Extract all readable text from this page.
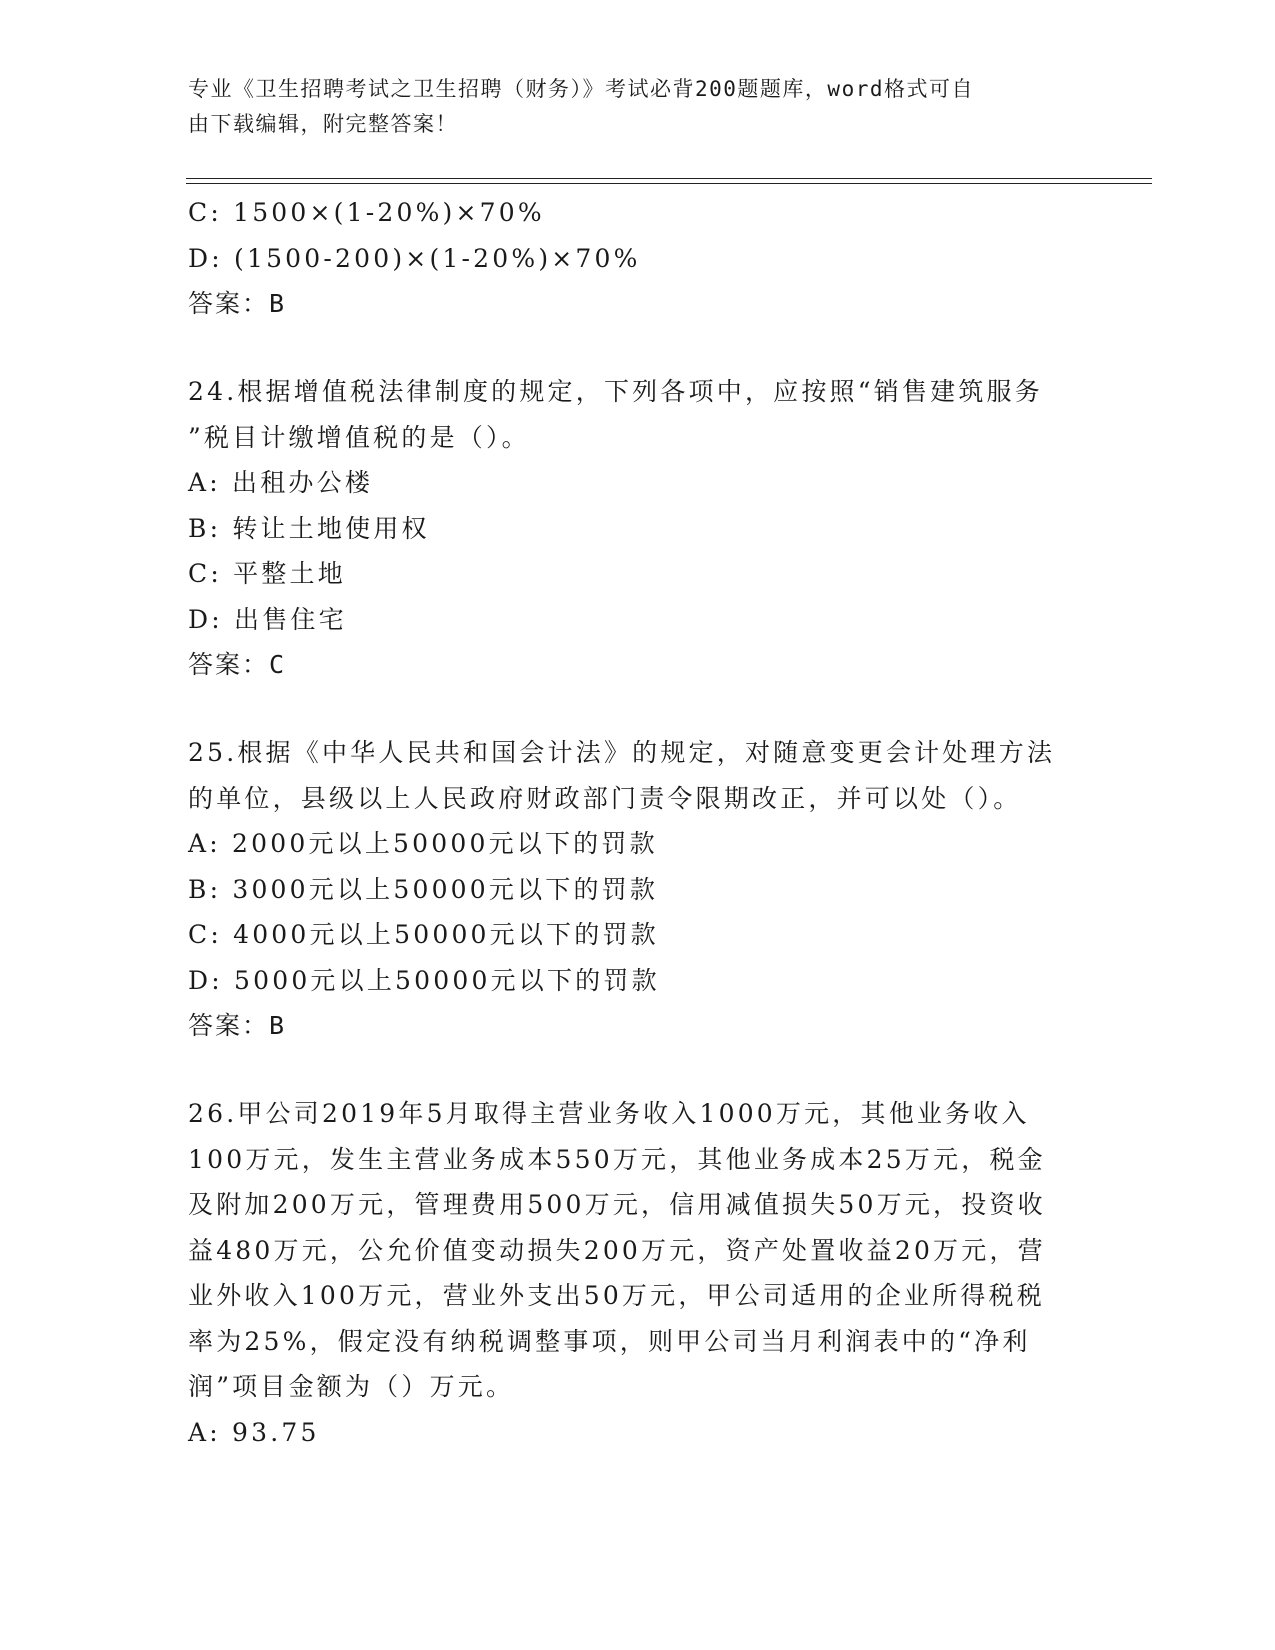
专业《卫生招聘考试之卫生招聘（财务）》考试必背200题题库，word格式可自
由下载编辑，附完整答案！
C: 1500×(1-20%)×70%
D: (1500-200)×(1-20%)×70%
答案：B
24.根据增值税法律制度的规定，下列各项中，应按照“销售建筑服务
”税目计缴增值税的是（）。
A: 出租办公楼
B: 转让土地使用权
C: 平整土地
D: 出售住宅
答案：C
25.根据《中华人民共和国会计法》的规定，对随意变更会计处理方法
的单位，县级以上人民政府财政部门责令限期改正，并可以处（）。
A: 2000元以上50000元以下的罚款
B: 3000元以上50000元以下的罚款
C: 4000元以上50000元以下的罚款
D: 5000元以上50000元以下的罚款
答案：B
26.甲公司2019年5月取得主营业务收入1000万元，其他业务收入
100万元，发生主营业务成本550万元，其他业务成本25万元，税金
及附加200万元，管理费用500万元，信用减值损失50万元，投资收
益480万元，公允价值变动损失200万元，资产处置收益20万元，营
业外收入100万元，营业外支出50万元，甲公司适用的企业所得税税
率为25%，假定没有纳税调整事项，则甲公司当月利润表中的“净利
润”项目金额为（）万元。
A: 93.75
